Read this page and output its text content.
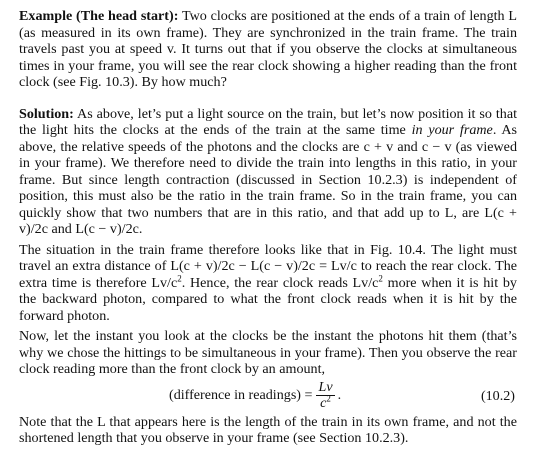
Example (The head start): Two clocks are positioned at the ends of a train of length L (as measured in its own frame). They are synchronized in the train frame. The train travels past you at speed v. It turns out that if you observe the clocks at simultaneous times in your frame, you will see the rear clock showing a higher reading than the front clock (see Fig. 10.3). By how much?

Solution: As above, let’s put a light source on the train, but let’s now position it so that the light hits the clocks at the ends of the train at the same time in your frame. As above, the relative speeds of the photons and the clocks are c + v and c − v (as viewed in your frame). We therefore need to divide the train into lengths in this ratio, in your frame. But since length contraction (discussed in Section 10.2.3) is independent of position, this must also be the ratio in the train frame. So in the train frame, you can quickly show that two numbers that are in this ratio, and that add up to L, are L(c + v)/2c and L(c − v)/2c.

The situation in the train frame therefore looks like that in Fig. 10.4. The light must travel an extra distance of L(c + v)/2c − L(c − v)/2c = Lv/c to reach the rear clock. The extra time is therefore $Lv/c^2$. Hence, the rear clock reads $Lv/c^2$ more when it is hit by the backward photon, compared to what the front clock reads when it is hit by the forward photon.

Now, let the instant you look at the clocks be the instant the photons hit them (that’s why we chose the hittings to be simultaneous in your frame). Then you observe the rear clock reading more than the front clock by an amount,

(difference in readings) = $\frac{Lv}{c^2}$ .	(10.2)

Note that the L that appears here is the length of the train in its own frame, and not the shortened length that you observe in your frame (see Section 10.2.3).
